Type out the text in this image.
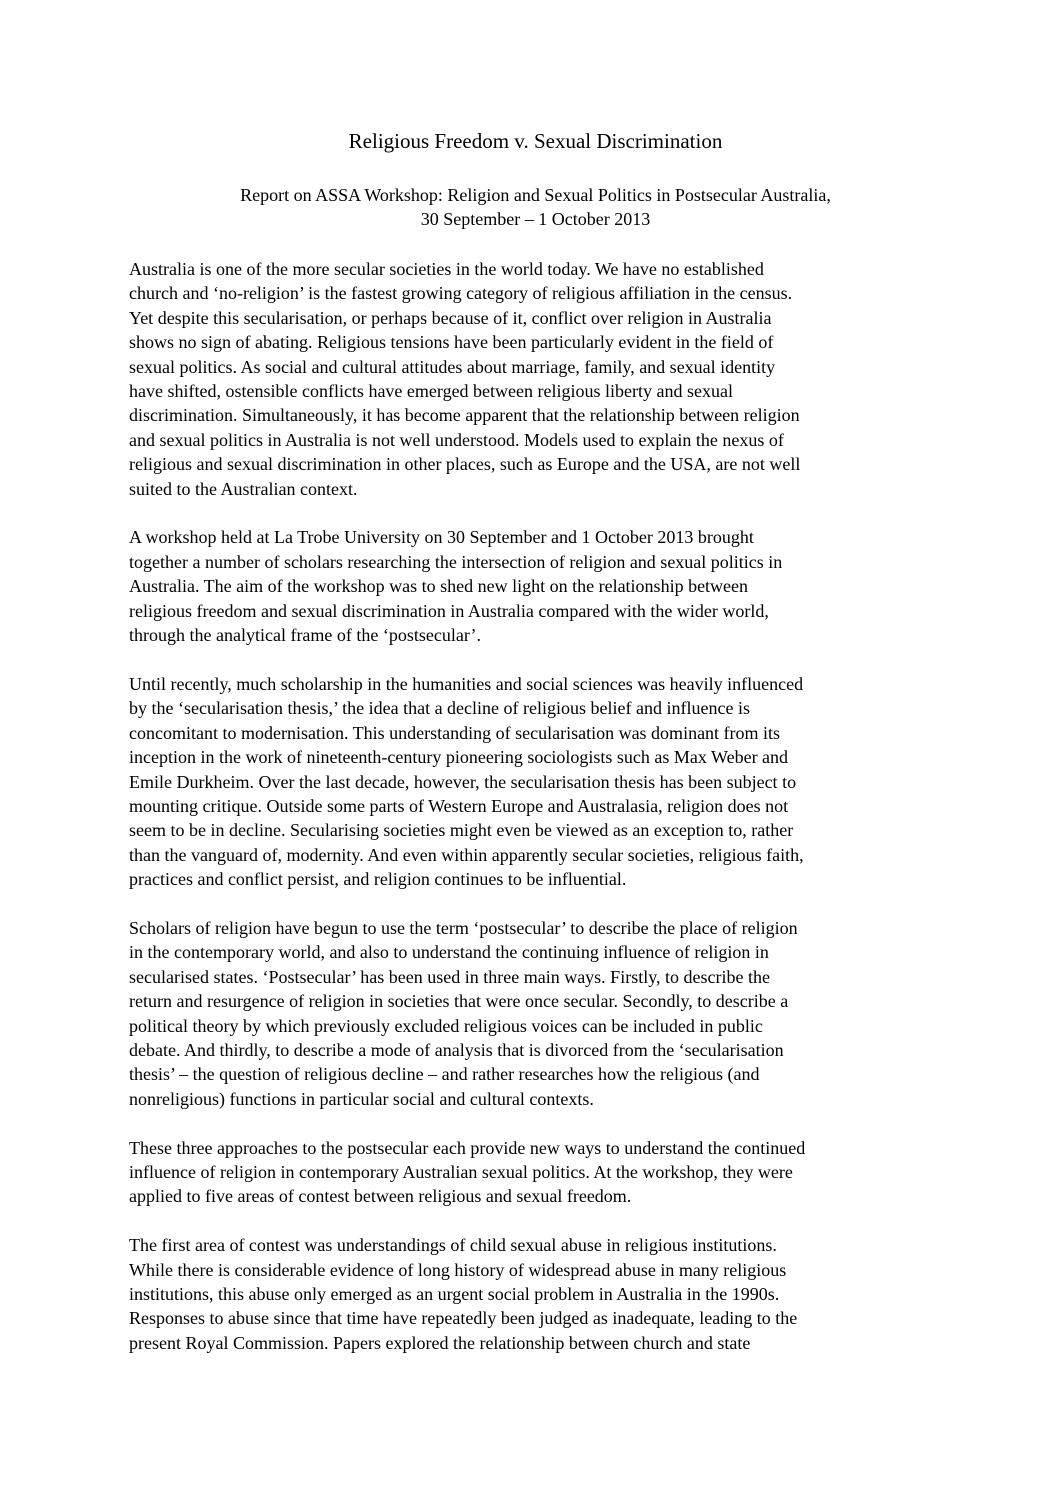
Religious Freedom v. Sexual Discrimination
Report on ASSA Workshop: Religion and Sexual Politics in Postsecular Australia,
30 September – 1 October 2013

Australia is one of the more secular societies in the world today. We have no established
church and ‘no-religion’ is the fastest growing category of religious affiliation in the census.
Yet despite this secularisation, or perhaps because of it, conflict over religion in Australia
shows no sign of abating. Religious tensions have been particularly evident in the field of
sexual politics. As social and cultural attitudes about marriage, family, and sexual identity
have shifted, ostensible conflicts have emerged between religious liberty and sexual
discrimination. Simultaneously, it has become apparent that the relationship between religion
and sexual politics in Australia is not well understood. Models used to explain the nexus of
religious and sexual discrimination in other places, such as Europe and the USA, are not well
suited to the Australian context.

A workshop held at La Trobe University on 30 September and 1 October 2013 brought
together a number of scholars researching the intersection of religion and sexual politics in
Australia. The aim of the workshop was to shed new light on the relationship between
religious freedom and sexual discrimination in Australia compared with the wider world,
through the analytical frame of the ‘postsecular’.

Until recently, much scholarship in the humanities and social sciences was heavily influenced
by the ‘secularisation thesis,’ the idea that a decline of religious belief and influence is
concomitant to modernisation. This understanding of secularisation was dominant from its
inception in the work of nineteenth-century pioneering sociologists such as Max Weber and
Emile Durkheim. Over the last decade, however, the secularisation thesis has been subject to
mounting critique. Outside some parts of Western Europe and Australasia, religion does not
seem to be in decline. Secularising societies might even be viewed as an exception to, rather
than the vanguard of, modernity. And even within apparently secular societies, religious faith,
practices and conflict persist, and religion continues to be influential.

Scholars of religion have begun to use the term ‘postsecular’ to describe the place of religion
in the contemporary world, and also to understand the continuing influence of religion in
secularised states. ‘Postsecular’ has been used in three main ways. Firstly, to describe the
return and resurgence of religion in societies that were once secular. Secondly, to describe a
political theory by which previously excluded religious voices can be included in public
debate. And thirdly, to describe a mode of analysis that is divorced from the ‘secularisation
thesis’ – the question of religious decline – and rather researches how the religious (and
nonreligious) functions in particular social and cultural contexts.

These three approaches to the postsecular each provide new ways to understand the continued
influence of religion in contemporary Australian sexual politics. At the workshop, they were
applied to five areas of contest between religious and sexual freedom.

The first area of contest was understandings of child sexual abuse in religious institutions.
While there is considerable evidence of long history of widespread abuse in many religious
institutions, this abuse only emerged as an urgent social problem in Australia in the 1990s.
Responses to abuse since that time have repeatedly been judged as inadequate, leading to the
present Royal Commission. Papers explored the relationship between church and state
